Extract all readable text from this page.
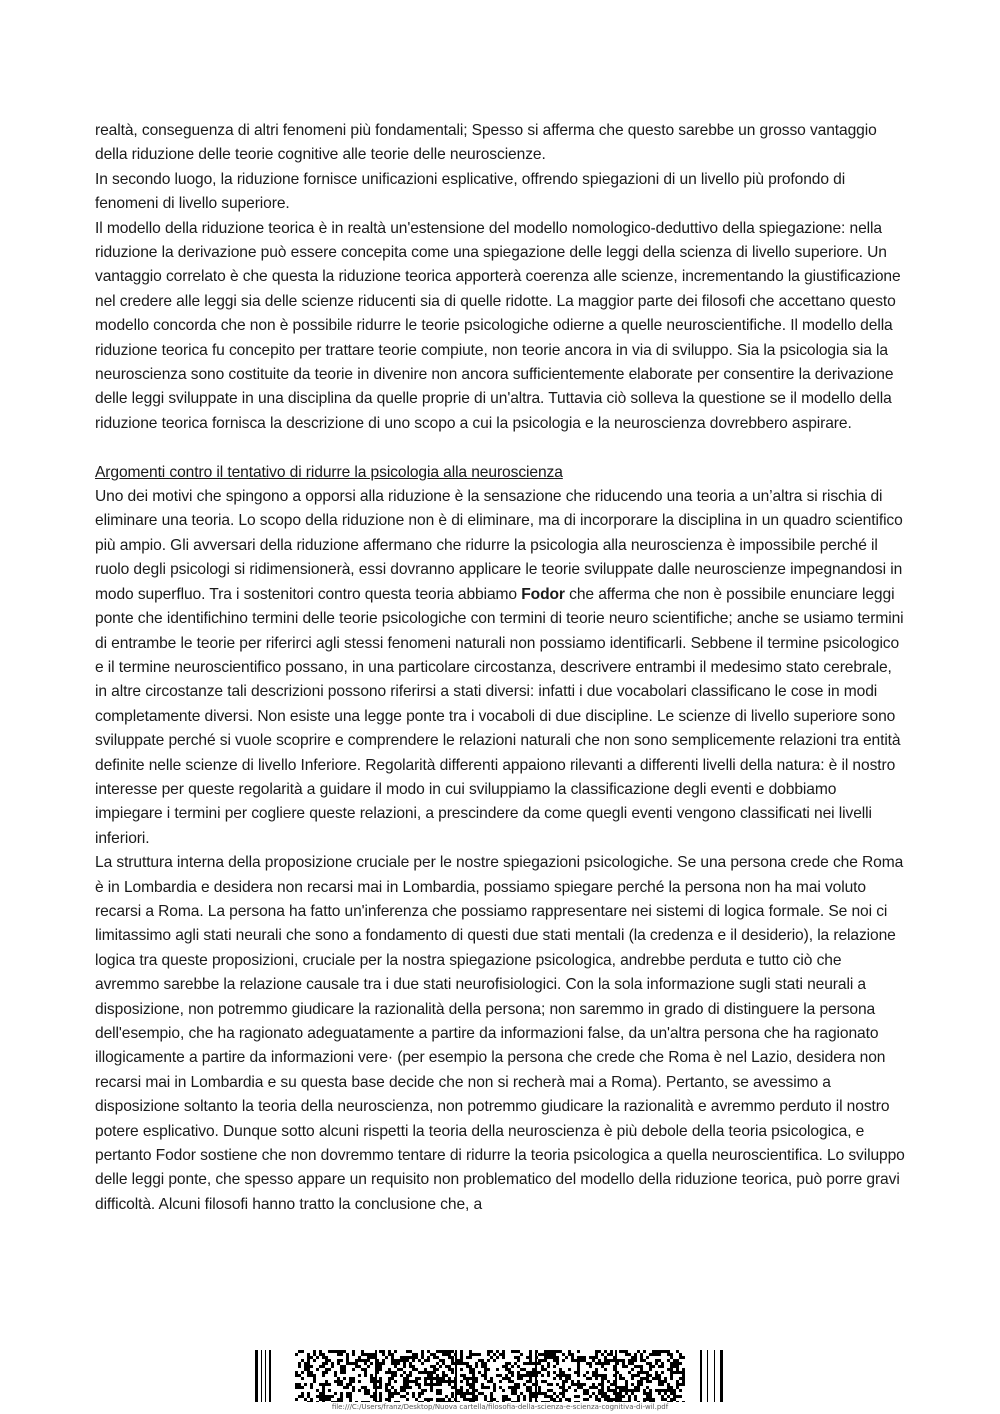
realtà, conseguenza di altri fenomeni più fondamentali; Spesso si afferma che questo sarebbe un grosso vantaggio della riduzione delle teorie cognitive alle teorie delle neuroscienze.

In secondo luogo, la riduzione fornisce unificazioni esplicative, offrendo spiegazioni di un livello più profondo di fenomeni di livello superiore.

Il modello della riduzione teorica è in realtà un'estensione del modello nomologico-deduttivo della spiegazione: nella riduzione la derivazione può essere concepita come una spiegazione delle leggi della scienza di livello superiore. Un vantaggio correlato è che questa la riduzione teorica apporterà coerenza alle scienze, incrementando la giustificazione nel credere alle leggi sia delle scienze riducenti sia di quelle ridotte. La maggior parte dei filosofi che accettano questo modello concorda che non è possibile ridurre le teorie psicologiche odierne a quelle neuroscientifiche. Il modello della riduzione teorica fu concepito per trattare teorie compiute, non teorie ancora in via di sviluppo. Sia la psicologia sia la neuroscienza sono costituite da teorie in divenire non ancora sufficientemente elaborate per consentire la derivazione delle leggi sviluppate in una disciplina da quelle proprie di un'altra. Tuttavia ciò solleva la questione se il modello della riduzione teorica fornisca la descrizione di uno scopo a cui la psicologia e la neuroscienza dovrebbero aspirare.

Argomenti contro il tentativo di ridurre la psicologia alla neuroscienza

Uno dei motivi che spingono a opporsi alla riduzione è la sensazione che riducendo una teoria a un’altra si rischia di eliminare una teoria. Lo scopo della riduzione non è di eliminare, ma di incorporare la disciplina in un quadro scientifico più ampio. Gli avversari della riduzione affermano che ridurre la psicologia alla neuroscienza è impossibile perché il ruolo degli psicologi si ridimensionerà, essi dovranno applicare le teorie sviluppate dalle neuroscienze impegnandosi in modo superfluo. Tra i sostenitori contro questa teoria abbiamo Fodor che afferma che non è possibile enunciare leggi ponte che identifichino termini delle teorie psicologiche con termini di teorie neuro scientifiche; anche se usiamo termini di entrambe le teorie per riferirci agli stessi fenomeni naturali non possiamo identificarli. Sebbene il termine psicologico e il termine neuroscientifico possano, in una particolare circostanza, descrivere entrambi il medesimo stato cerebrale, in altre circostanze tali descrizioni possono riferirsi a stati diversi: infatti i due vocabolari classificano le cose in modi completamente diversi. Non esiste una legge ponte tra i vocaboli di due discipline. Le scienze di livello superiore sono sviluppate perché si vuole scoprire e comprendere le relazioni naturali che non sono semplicemente relazioni tra entità definite nelle scienze di livello Inferiore. Regolarità differenti appaiono rilevanti a differenti livelli della natura: è il nostro interesse per queste regolarità a guidare il modo in cui sviluppiamo la classificazione degli eventi e dobbiamo impiegare i termini per cogliere queste relazioni, a prescindere da come quegli eventi vengono classificati nei livelli inferiori.

La struttura interna della proposizione cruciale per le nostre spiegazioni psicologiche. Se una persona crede che Roma è in Lombardia e desidera non recarsi mai in Lombardia, possiamo spiegare perché la persona non ha mai voluto recarsi a Roma. La persona ha fatto un'inferenza che possiamo rappresentare nei sistemi di logica formale. Se noi ci limitassimo agli stati neurali che sono a fondamento di questi due stati mentali (la credenza e il desiderio), la relazione logica tra queste proposizioni, cruciale per la nostra spiegazione psicologica, andrebbe perduta e tutto ciò che avremmo sarebbe la relazione causale tra i due stati neurofisiologici. Con la sola informazione sugli stati neurali a disposizione, non potremmo giudicare la razionalità della persona; non saremmo in grado di distinguere la persona dell'esempio, che ha ragionato adeguatamente a partire da informazioni false, da un'altra persona che ha ragionato illogicamente a partire da informazioni vere· (per esempio la persona che crede che Roma è nel Lazio, desidera non recarsi mai in Lombardia e su questa base decide che non si recherà mai a Roma). Pertanto, se avessimo a disposizione soltanto la teoria della neuroscienza, non potremmo giudicare la razionalità e avremmo perduto il nostro potere esplicativo. Dunque sotto alcuni rispetti la teoria della neuroscienza è più debole della teoria psicologica, e pertanto Fodor sostiene che non dovremmo tentare di ridurre la teoria psicologica a quella neuroscientifica. Lo sviluppo delle leggi ponte, che spesso appare un requisito non problematico del modello della riduzione teorica, può porre gravi difficoltà. Alcuni filosofi hanno tratto la conclusione che, a

file:///C:/Users/franz/Desktop/Nuova cartella/filosofia-della-scienza-e-scienza-cognitiva-di-wil.pdf
